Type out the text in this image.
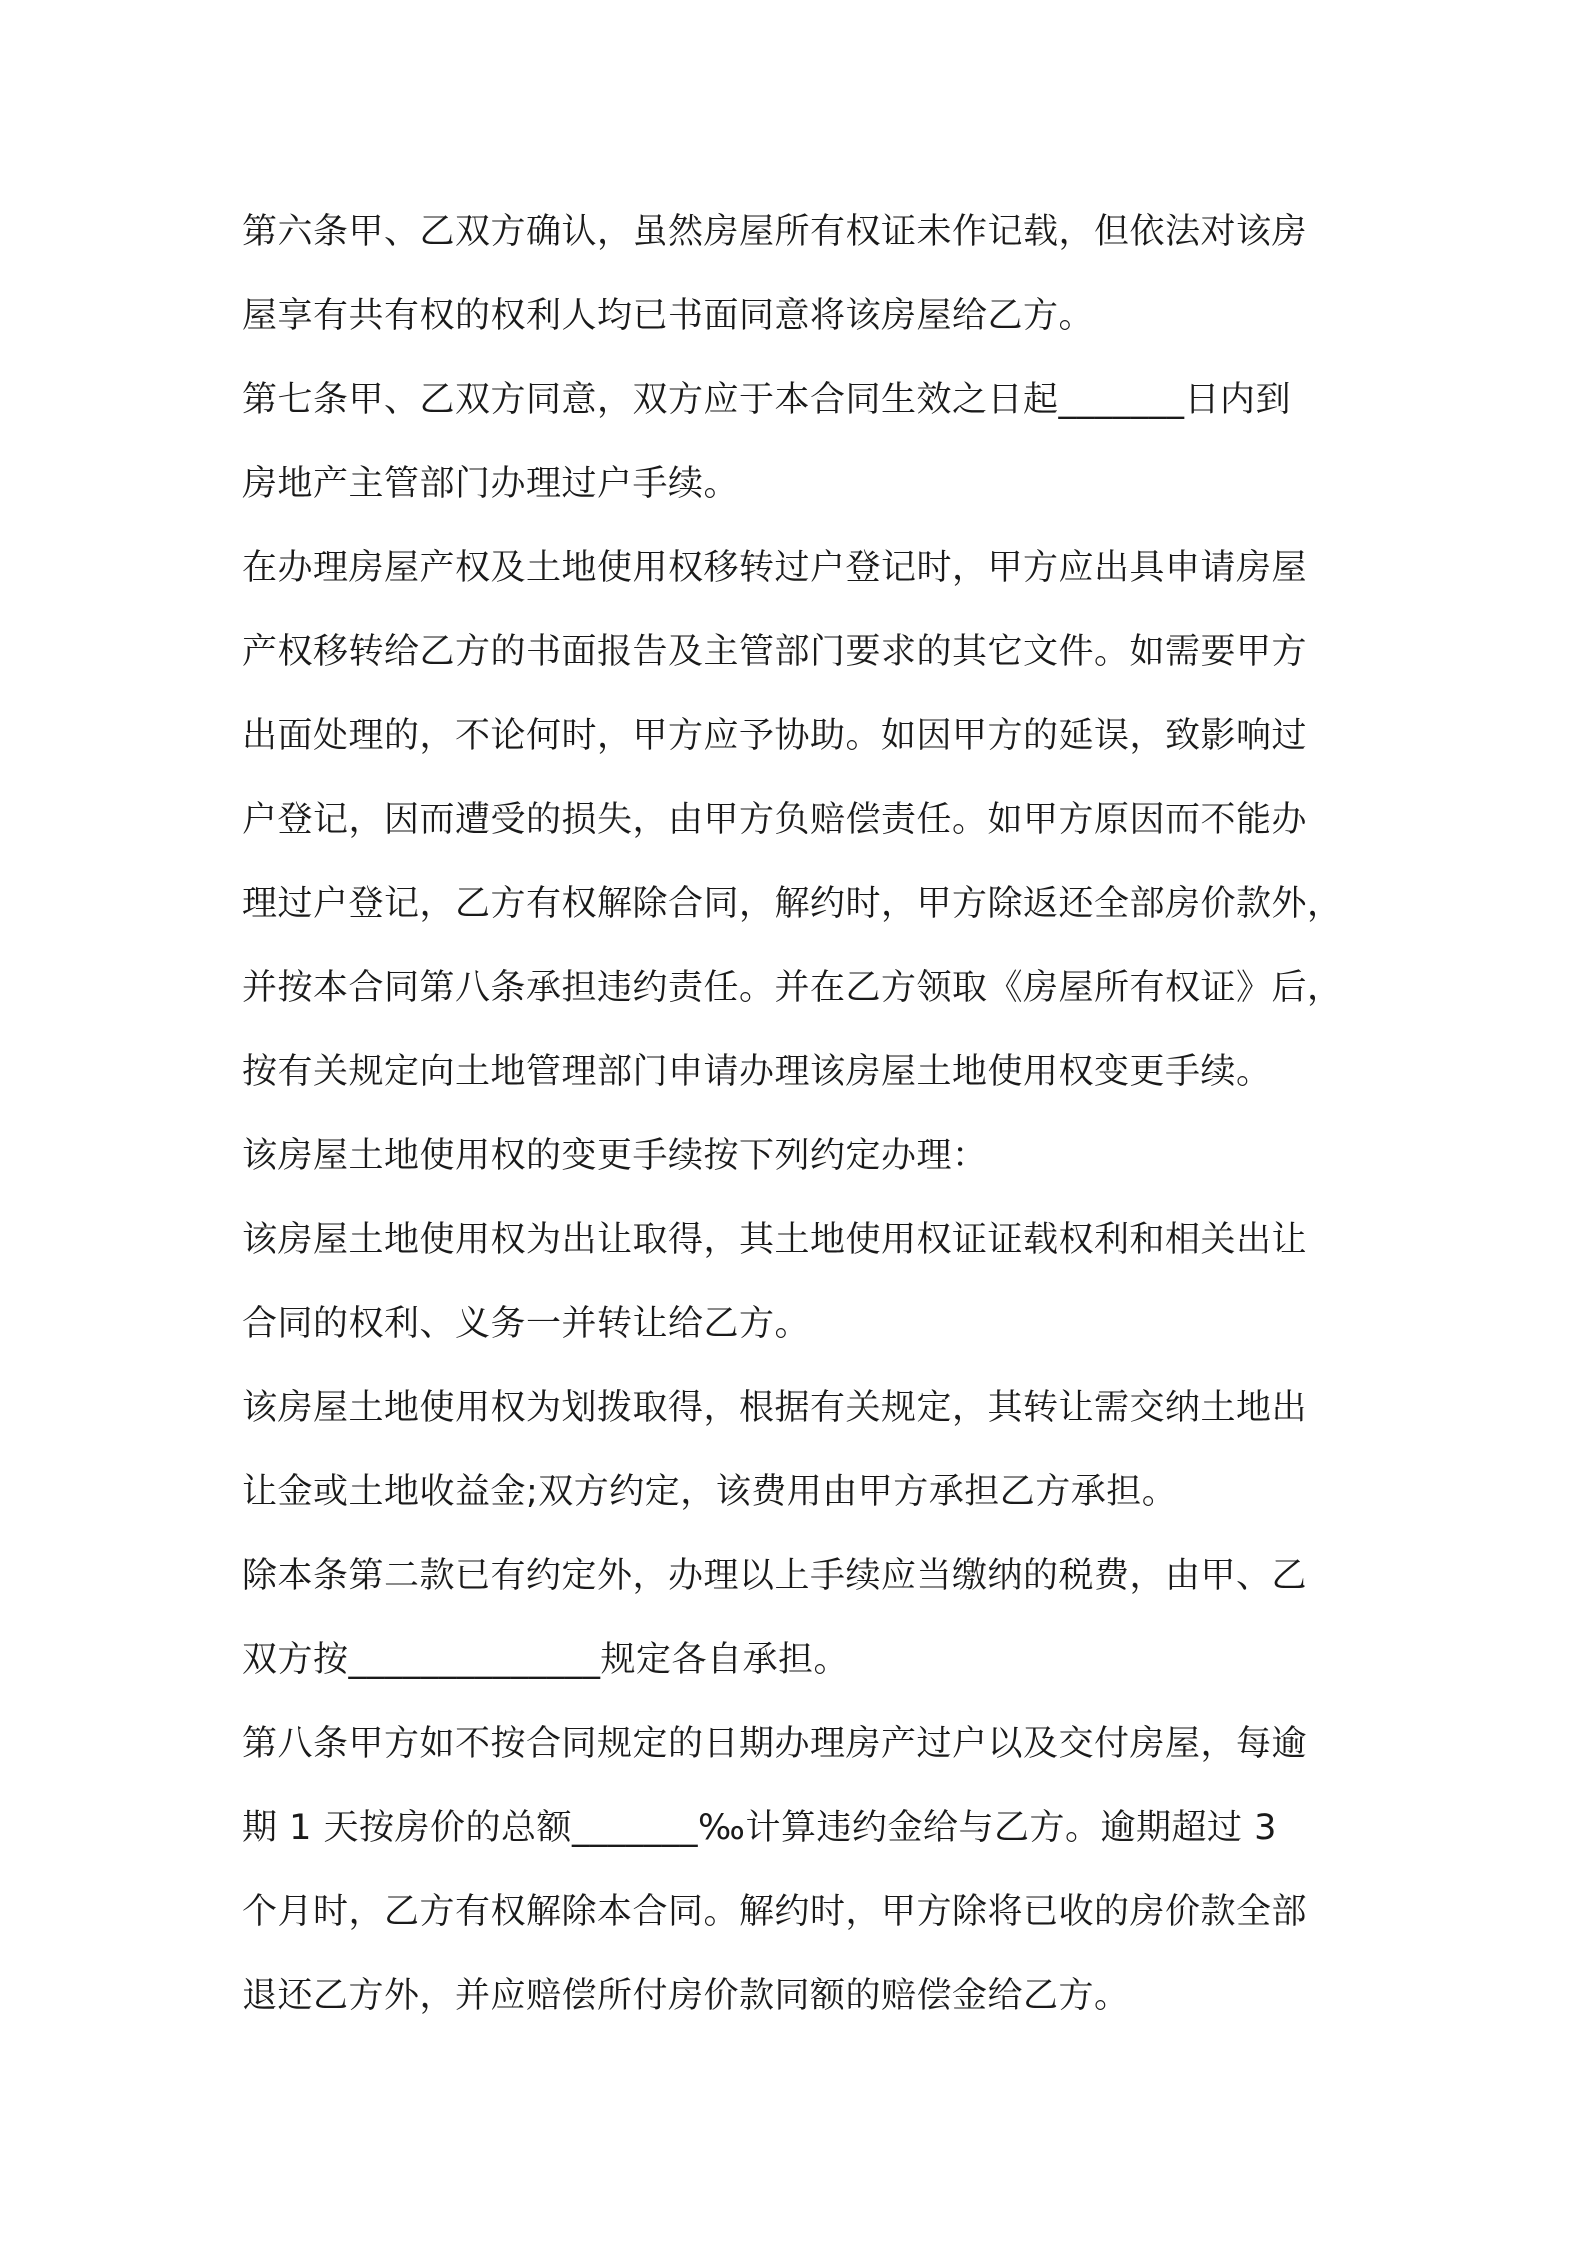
第六条甲、乙双方确认，虽然房屋所有权证未作记载，但依法对该房
屋享有共有权的权利人均已书面同意将该房屋给乙方。
第七条甲、乙双方同意，双方应于本合同生效之日起_______日内到
房地产主管部门办理过户手续。
在办理房屋产权及土地使用权移转过户登记时，甲方应出具申请房屋
产权移转给乙方的书面报告及主管部门要求的其它文件。如需要甲方
出面处理的，不论何时，甲方应予协助。如因甲方的延误，致影响过
户登记，因而遭受的损失，由甲方负赔偿责任。如甲方原因而不能办
理过户登记，乙方有权解除合同，解约时，甲方除返还全部房价款外，
并按本合同第八条承担违约责任。并在乙方领取《房屋所有权证》后，
按有关规定向土地管理部门申请办理该房屋土地使用权变更手续。
该房屋土地使用权的变更手续按下列约定办理：
该房屋土地使用权为出让取得，其土地使用权证证载权利和相关出让
合同的权利、义务一并转让给乙方。
该房屋土地使用权为划拨取得，根据有关规定，其转让需交纳土地出
让金或土地收益金;双方约定，该费用由甲方承担乙方承担。
除本条第二款已有约定外，办理以上手续应当缴纳的税费，由甲、乙
双方按______________规定各自承担。
第八条甲方如不按合同规定的日期办理房产过户以及交付房屋，每逾
期 1 天按房价的总额_______‰计算违约金给与乙方。逾期超过 3
个月时，乙方有权解除本合同。解约时，甲方除将已收的房价款全部
退还乙方外，并应赔偿所付房价款同额的赔偿金给乙方。
